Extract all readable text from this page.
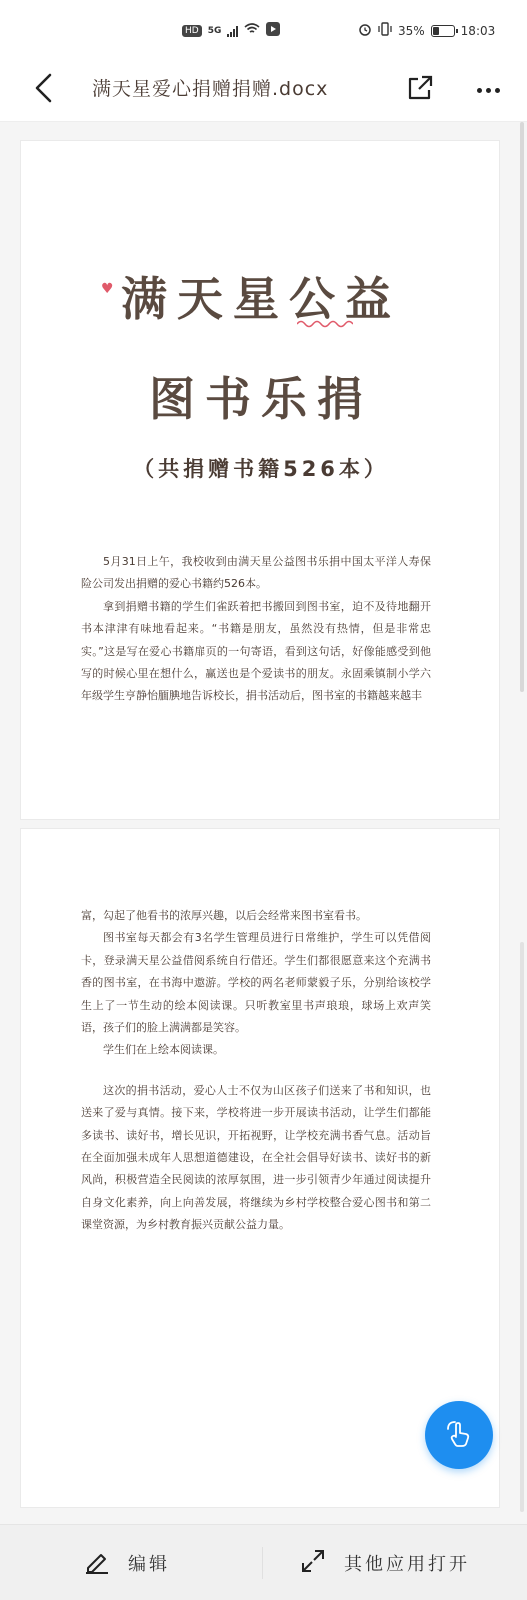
HD	5G	35%	18:03
满天星爱心捐赠捐赠.docx
♥ 满天星公益
图书乐捐
（共捐赠书籍526本）

5月31日上午，我校收到由满天星公益图书乐捐中国太平洋人寿保险公司发出捐赠的爱心书籍约526本。

拿到捐赠书籍的学生们雀跃着把书搬回到图书室，迫不及待地翻开书本津津有味地看起来。“书籍是朋友，虽然没有热情，但是非常忠实。”这是写在爱心书籍扉页的一句寄语，看到这句话，好像能感受到他写的时候心里在想什么，赢送也是个爱读书的朋友。永固乘镇制小学六年级学生亨静怡腼腆地告诉校长，捐书活动后，图书室的书籍越来越丰

富，勾起了他看书的浓厚兴趣，以后会经常来图书室看书。

图书室每天都会有3名学生管理员进行日常维护，学生可以凭借阅卡，登录满天星公益借阅系统自行借还。学生们都很愿意来这个充满书香的图书室，在书海中遨游。学校的两名老师蒙毅子乐，分别给该校学生上了一节生动的绘本阅读课。只听教室里书声琅琅，球场上欢声笑语，孩子们的脸上满满都是笑容。

学生们在上绘本阅读课。

这次的捐书活动，爱心人士不仅为山区孩子们送来了书和知识，也送来了爱与真情。接下来，学校将进一步开展读书活动，让学生们都能多读书、读好书，增长见识，开拓视野，让学校充满书香气息。活动旨在全面加强未成年人思想道德建设，在全社会倡导好读书、读好书的新风尚，积极营造全民阅读的浓厚氛围，进一步引领青少年通过阅读提升自身文化素养，向上向善发展，将继续为乡村学校整合爱心图书和第二课堂资源，为乡村教育振兴贡献公益力量。

编辑	其他应用打开
